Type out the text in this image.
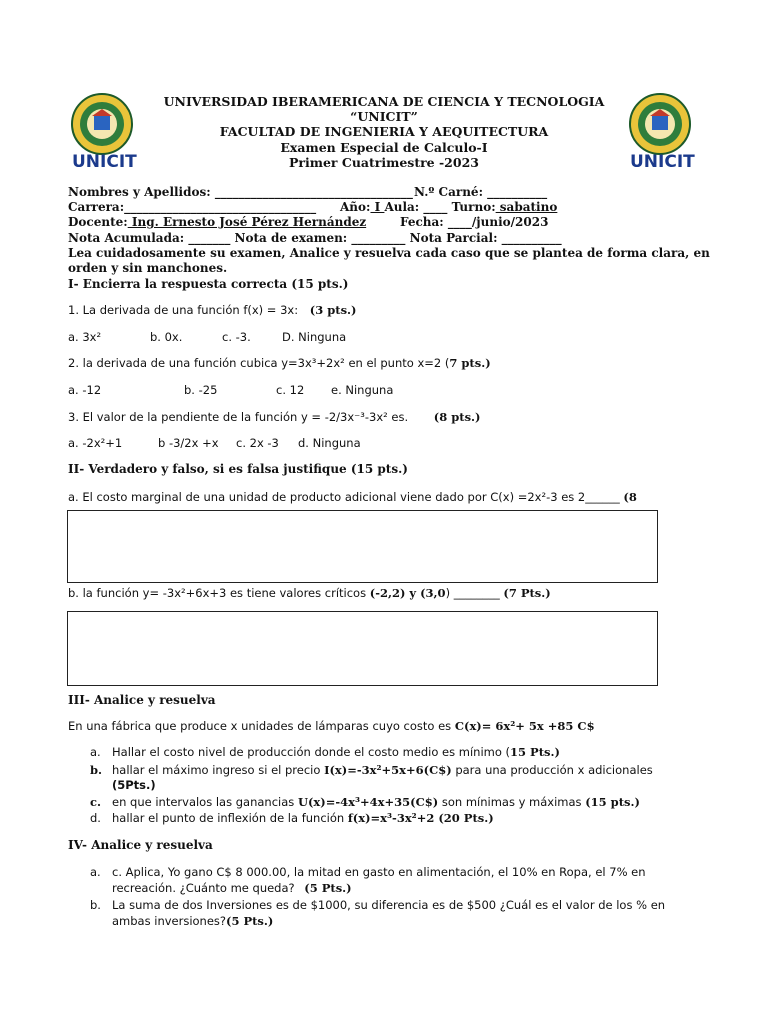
UNICIT	UNICIT
UNIVERSIDAD IBERAMERICANA DE CIENCIA Y TECNOLOGIA
“UNICIT”
FACULTAD DE INGENIERIA Y AEQUITECTURA
Examen Especial de Calculo-I
Primer Cuatrimestre -2023
Nombres y Apellidos: _________________________________ N.º Carné: __________
Carrera:________________________________ Año: I Aula: ____ Turno: sabatino
Docente: Ing. Ernesto José Pérez Hernández	Fecha: ____/junio/2023
Nota Acumulada: _______ Nota de examen: _________ Nota Parcial: __________
Lea cuidadosamente su examen, Analice y resuelva cada caso que se plantea de forma clara, en
orden y sin manchones.
I- Encierra la respuesta correcta (15 pts.)
1. La derivada de una función f(x) = 3x: (3 pts.)
a. 3x²	b. 0x.	c. -3.	D. Ninguna
2. la derivada de una función cubica y=3x³+2x² en el punto x=2 (7 pts.)
a. -12	b. -25	c. 12 e. Ninguna
3. El valor de la pendiente de la función y = -2/3x⁻³-3x² es. (8 pts.)
a. -2x²+1	b -3/2x +x c. 2x -3 d. Ninguna
II- Verdadero y falso, si es falsa justifique (15 pts.)
a. El costo marginal de una unidad de producto adicional viene dado por C(x) =2x²-3 es 2______ (8
b. la función y= -3x²+6x+3 es tiene valores críticos (-2,2) y (3,0) ________ (7 Pts.)
III- Analice y resuelva
En una fábrica que produce x unidades de lámparas cuyo costo es C(x)= 6x²+ 5x +85 C$
a. Hallar el costo nivel de producción donde el costo medio es mínimo (15 Pts.)
b. hallar el máximo ingreso si el precio I(x)=-3x²+5x+6(C$) para una producción x adicionales
(5Pts.)
c. en que intervalos las ganancias U(x)=-4x³+4x+35(C$) son mínimas y máximas (15 pts.)
d. hallar el punto de inflexión de la función f(x)=x³-3x²+2 (20 Pts.)
IV- Analice y resuelva
a. c. Aplica, Yo gano C$ 8 000.00, la mitad en gasto en alimentación, el 10% en Ropa, el 7% en
recreación. ¿Cuánto me queda? (5 Pts.)
b. La suma de dos Inversiones es de $1000, su diferencia es de $500 ¿Cuál es el valor de los % en
ambas inversiones?(5 Pts.)
